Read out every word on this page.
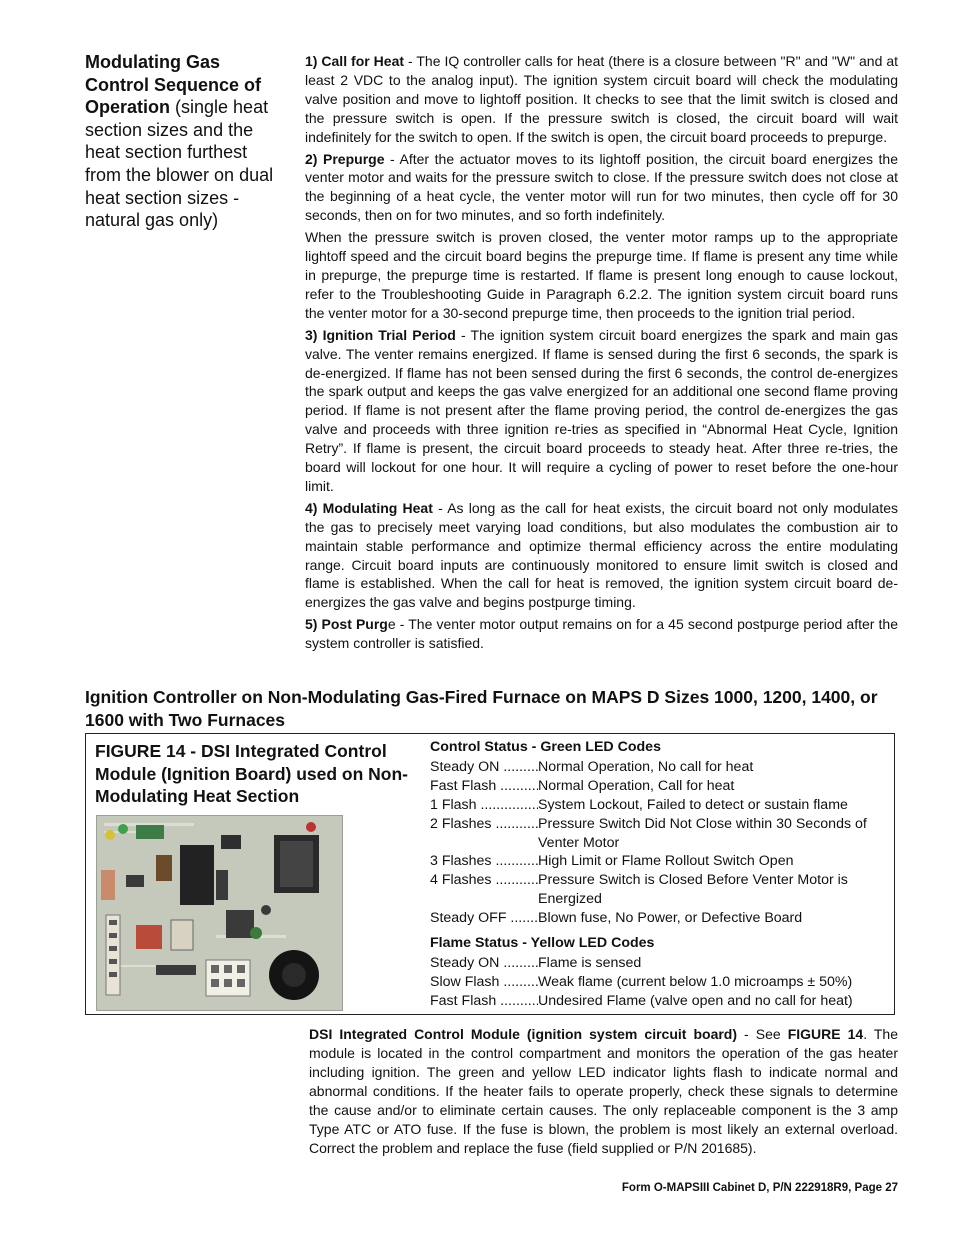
Modulating Gas Control Sequence of Operation (single heat section sizes and the heat section furthest from the blower on dual heat section sizes - natural gas only)

1) Call for Heat - The IQ controller calls for heat (there is a closure between "R" and "W" and at least 2 VDC to the analog input). The ignition system circuit board will check the modulating valve position and move to lightoff position. It checks to see that the limit switch is closed and the pressure switch is open. If the pressure switch is closed, the circuit board will wait indefinitely for the switch to open. If the switch is open, the circuit board proceeds to prepurge.

2) Prepurge - After the actuator moves to its lightoff position, the circuit board energizes the venter motor and waits for the pressure switch to close. If the pressure switch does not close at the beginning of a heat cycle, the venter motor will run for two minutes, then cycle off for 30 seconds, then on for two minutes, and so forth indefinitely.

When the pressure switch is proven closed, the venter motor ramps up to the appropriate lightoff speed and the circuit board begins the prepurge time. If flame is present any time while in prepurge, the prepurge time is restarted. If flame is present long enough to cause lockout, refer to the Troubleshooting Guide in Paragraph 6.2.2. The ignition system circuit board runs the venter motor for a 30-second prepurge time, then proceeds to the ignition trial period.

3) Ignition Trial Period - The ignition system circuit board energizes the spark and main gas valve. The venter remains energized. If flame is sensed during the first 6 seconds, the spark is de-energized. If flame has not been sensed during the first 6 seconds, the control de-energizes the spark output and keeps the gas valve energized for an additional one second flame proving period. If flame is not present after the flame proving period, the control de-energizes the gas valve and proceeds with three ignition re-tries as specified in “Abnormal Heat Cycle, Ignition Retry”. If flame is present, the circuit board proceeds to steady heat. After three re-tries, the board will lockout for one hour. It will require a cycling of power to reset before the one-hour limit.

4) Modulating Heat - As long as the call for heat exists, the circuit board not only modulates the gas to precisely meet varying load conditions, but also modulates the combustion air to maintain stable performance and optimize thermal efficiency across the entire modulating range. Circuit board inputs are continuously monitored to ensure limit switch is closed and flame is established. When the call for heat is removed, the ignition system circuit board de-energizes the gas valve and begins postpurge timing.

5) Post Purge - The venter motor output remains on for a 45 second postpurge period after the system controller is satisfied.

Ignition Controller on Non-Modulating Gas-Fired Furnace on MAPS D Sizes 1000, 1200, 1400, or 1600 with Two Furnaces
FIGURE 14 - DSI Integrated Control Module (Ignition Board) used on Non-Modulating Heat Section
Control Status - Green LED Codes
Steady ON .....	Normal Operation, No call for heat
Fast Flash .....	Normal Operation, Call for heat
1 Flash .....	System Lockout, Failed to detect or sustain flame
2 Flashes .....	Pressure Switch Did Not Close within 30 Seconds of Venter Motor
3 Flashes .....	High Limit or Flame Rollout Switch Open
4 Flashes .....	Pressure Switch is Closed Before Venter Motor is Energized
Steady OFF .....	Blown fuse, No Power, or Defective Board
Flame Status - Yellow LED Codes
Steady ON .....	Flame is sensed
Slow Flash .....	Weak flame (current below 1.0 microamps ± 50%)
Fast Flash .....	Undesired Flame (valve open and no call for heat)

DSI Integrated Control Module (ignition system circuit board) - See FIGURE 14. The module is located in the control compartment and monitors the operation of the gas heater including ignition. The green and yellow LED indicator lights flash to indicate normal and abnormal conditions. If the heater fails to operate properly, check these signals to determine the cause and/or to eliminate certain causes. The only replaceable component is the 3 amp Type ATC or ATO fuse. If the fuse is blown, the problem is most likely an external overload. Correct the problem and replace the fuse (field supplied or P/N 201685).

Form O-MAPSIII Cabinet D, P/N 222918R9, Page 27
